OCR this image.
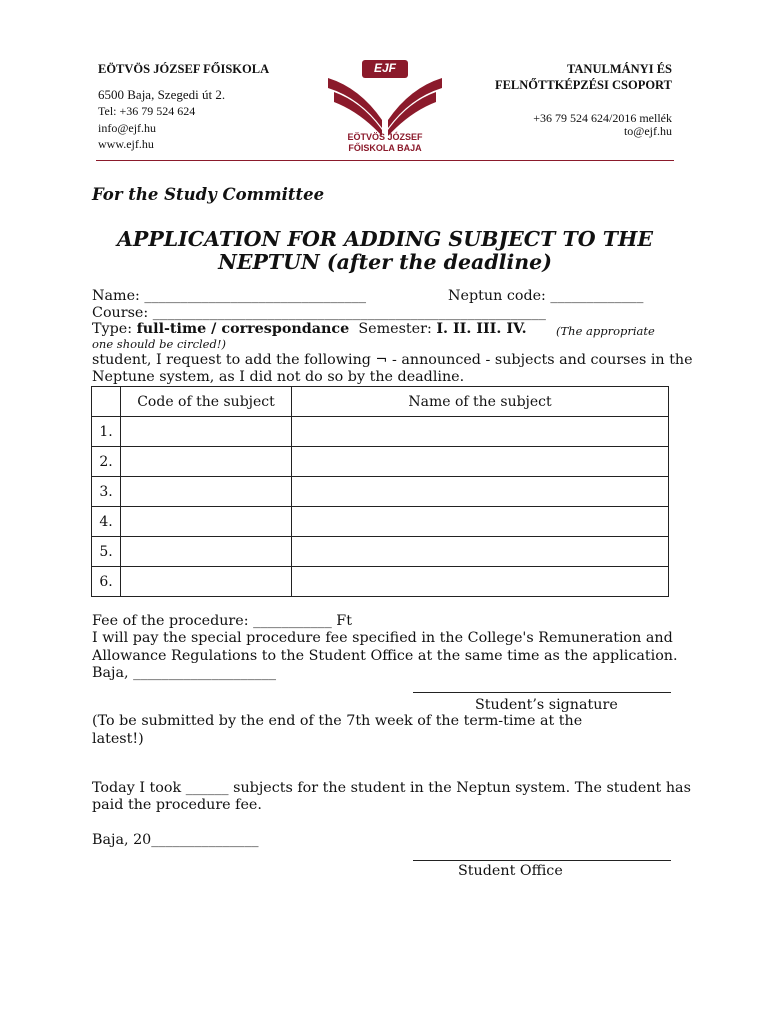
EÖTVÖS JÓZSEF FŐISKOLA
6500 Baja, Szegedi út 2.
Tel: +36 79 524 624
info@ejf.hu
www.ejf.hu
EJF
EÖTVÖS JÓZSEF
FŐISKOLA BAJA
TANULMÁNYI ÉS
FELNŐTTKÉPZÉSI CSOPORT
+36 79 524 624/2016 mellék
to@ejf.hu
For the Study Committee
APPLICATION FOR ADDING SUBJECT TO THE
NEPTUN (after the deadline)
Name: _______________________________	Neptun code: _____________
Course: _______________________________________________________
Type: full-time / correspondance Semester: I. II. III. IV.	(The appropriate
one should be circled!)
student, I request to add the following ¬ - announced - subjects and courses in the
Neptune system, as I did not do so by the deadline.
	Code of the subject	Name of the subject
1.		
2.		
3.		
4.		
5.		
6.		
Fee of the procedure: ___________ Ft
I will pay the special procedure fee specified in the College's Remuneration and
Allowance Regulations to the Student Office at the same time as the application.
Baja, ____________________
Student’s signature
(To be submitted by the end of the 7th week of the term-time at the
latest!)
Today I took ______ subjects for the student in the Neptun system. The student has
paid the procedure fee.
Baja, 20_______________
Student Office
